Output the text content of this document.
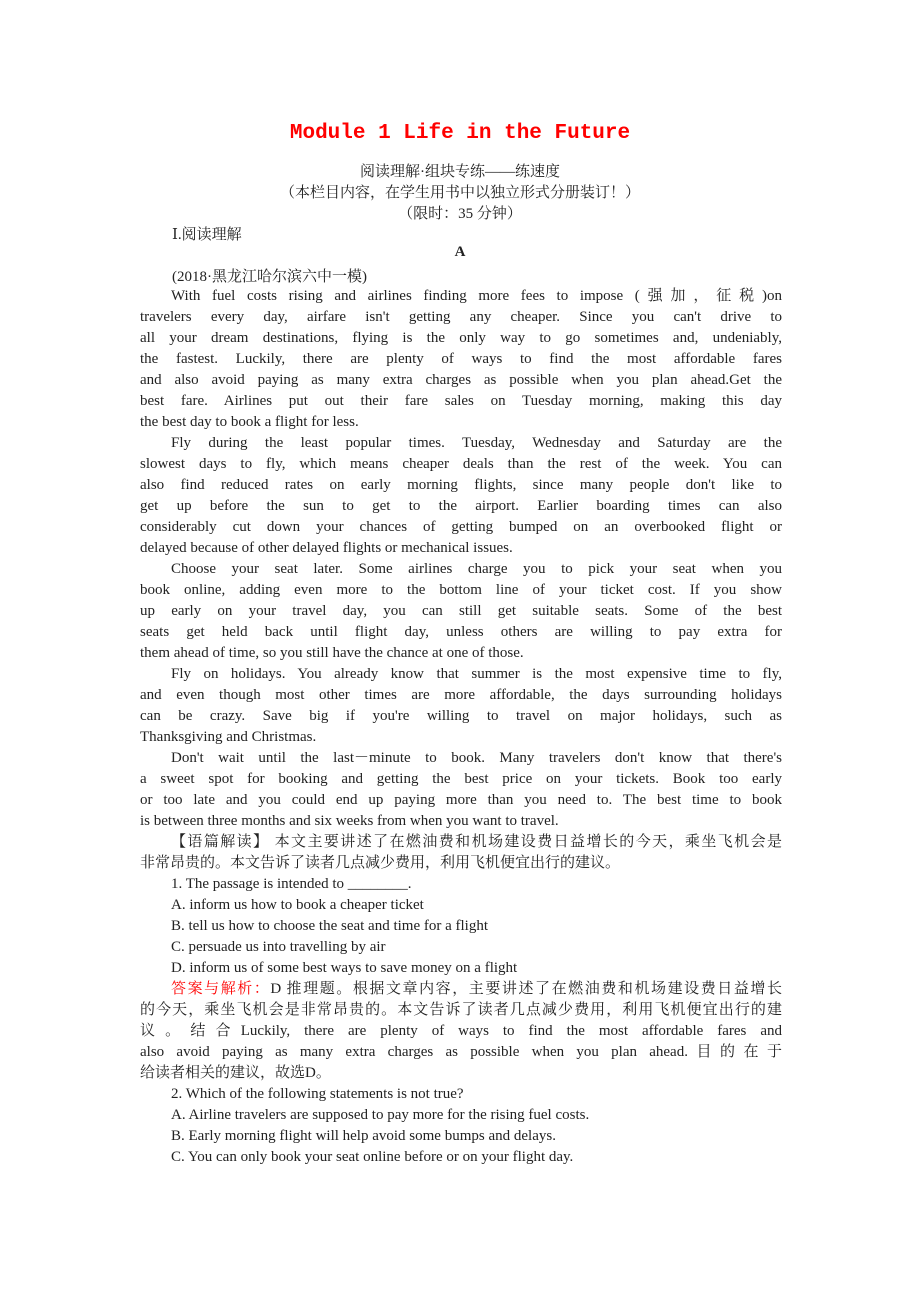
Module 1 Life in the Future
阅读理解·组块专练——练速度
（本栏目内容，在学生用书中以独立形式分册装订！）
（限时：35 分钟）
Ⅰ.阅读理解
A
(2018·黑龙江哈尔滨六中一模)
With fuel costs rising and airlines finding more fees to impose (强加，征税)on
travelers every day, airfare isn't getting any cheaper. Since you can't drive to
all your dream destinations, flying is the only way to go sometimes and, undeniably,
the fastest. Luckily, there are plenty of ways to find the most affordable fares
and also avoid paying as many extra charges as possible when you plan ahead.Get the
best fare. Airlines put out their fare sales on Tuesday morning, making this day
the best day to book a flight for less.
Fly during the least popular times. Tuesday, Wednesday and Saturday are the
slowest days to fly, which means cheaper deals than the rest of the week. You can
also find reduced rates on early morning flights, since many people don't like to
get up before the sun to get to the airport. Earlier boarding times can also
considerably cut down your chances of getting bumped on an overbooked flight or
delayed because of other delayed flights or mechanical issues.
Choose your seat later. Some airlines charge you to pick your seat when you
book online, adding even more to the bottom line of your ticket cost. If you show
up early on your travel day, you can still get suitable seats. Some of the best
seats get held back until flight day, unless others are willing to pay extra for
them ahead of time, so you still have the chance at one of those.
Fly on holidays. You already know that summer is the most expensive time to fly,
and even though most other times are more affordable, the days surrounding holidays
can be crazy. Save big if you're willing to travel on major holidays, such as
Thanksgiving and Christmas.
Don't wait until the last－minute to book. Many travelers don't know that there's
a sweet spot for booking and getting the best price on your tickets. Book too early
or too late and you could end up paying more than you need to. The best time to book
is between three months and six weeks from when you want to travel.
【语篇解读】 本文主要讲述了在燃油费和机场建设费日益增长的今天，乘坐飞机会是
非常昂贵的。本文告诉了读者几点减少费用，利用飞机便宜出行的建议。
1. The passage is intended to ________.
A. inform us how to book a cheaper ticket
B. tell us how to choose the seat and time for a flight
C. persuade us into travelling by air
D. inform us of some best ways to save money on a flight
答案与解析：D 推理题。根据文章内容，主要讲述了在燃油费和机场建设费日益增长
的今天，乘坐飞机会是非常昂贵的。本文告诉了读者几点减少费用，利用飞机便宜出行的建
议。结合Luckily, there are plenty of ways to find the most affordable fares and
also avoid paying as many extra charges as possible when you plan ahead.目的在于
给读者相关的建议，故选D。
2. Which of the following statements is not true?
A. Airline travelers are supposed to pay more for the rising fuel costs.
B. Early morning flight will help avoid some bumps and delays.
C. You can only book your seat online before or on your flight day.
